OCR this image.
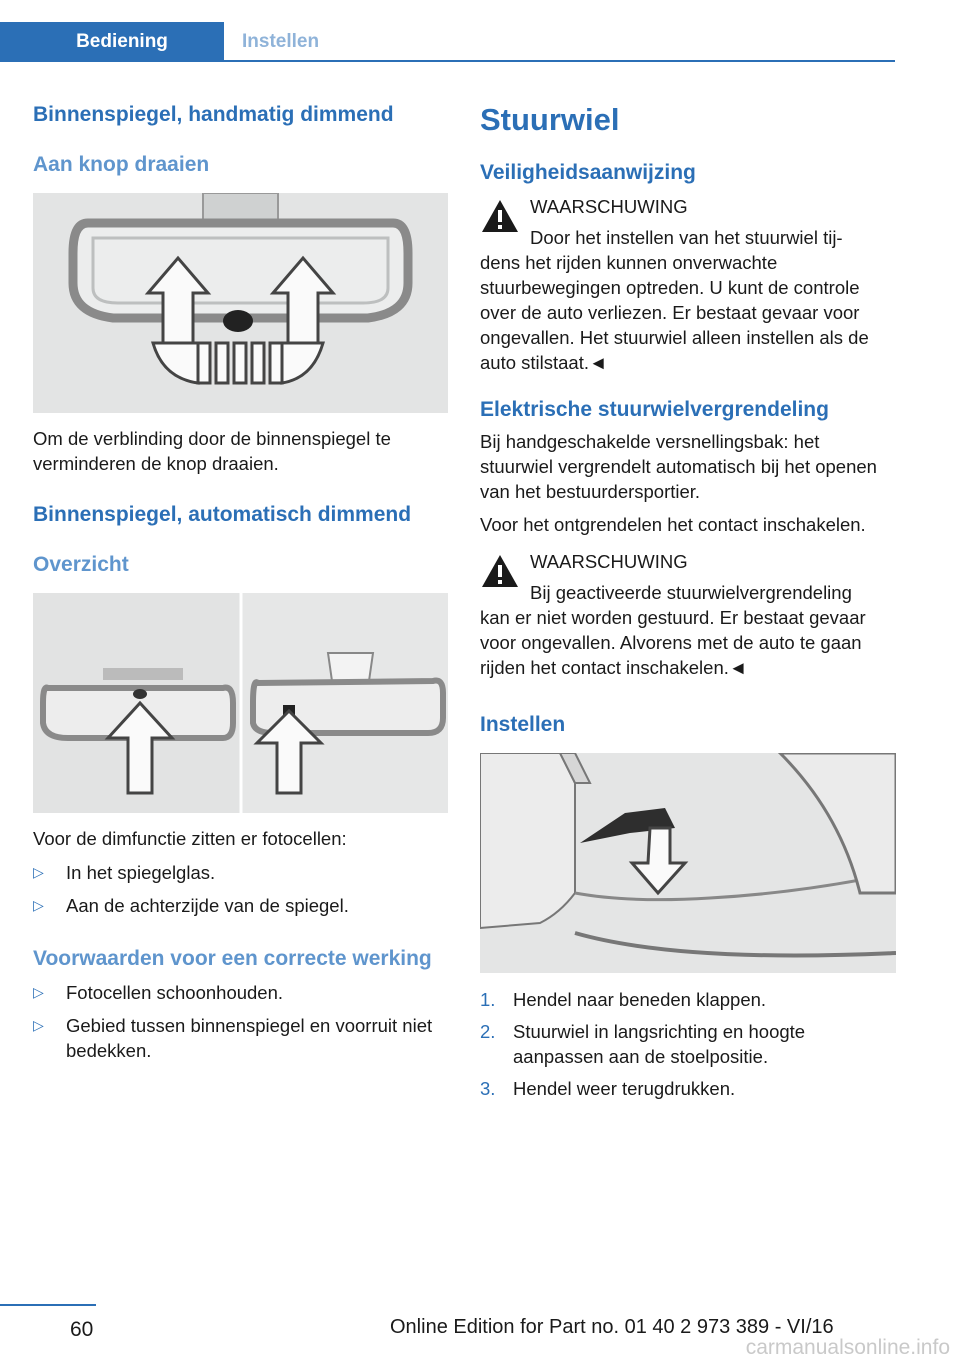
Bediening	Instellen
Binnenspiegel, handmatig dimmend
Aan knop draaien

Om de verblinding door de binnenspiegel te verminderen de knop draaien.

Binnenspiegel, automatisch dimmend
Overzicht

Voor de dimfunctie zitten er fotocellen:

▷ In het spiegelglas.
▷ Aan de achterzijde van de spiegel.
Voorwaarden voor een correcte werking
▷ Fotocellen schoonhouden.
▷ Gebied tussen binnenspiegel en voorruit niet bedekken.
Stuurwiel
Veiligheidsaanwijzing
WAARSCHUWING
Door het instellen van het stuurwiel tij-

dens het rijden kunnen onverwachte stuurbewegingen optreden. U kunt de controle over de auto verliezen. Er bestaat gevaar voor ongevallen. Het stuurwiel alleen instellen als de auto stilstaat.◄

Elektrische stuurwielvergrendeling

Bij handgeschakelde versnellingsbak: het stuurwiel vergrendelt automatisch bij het openen van het bestuurdersportier.

Voor het ontgrendelen het contact inschakelen.

WAARSCHUWING
Bij geactiveerde stuurwielvergrendeling

kan er niet worden gestuurd. Er bestaat gevaar voor ongevallen. Alvorens met de auto te gaan rijden het contact inschakelen.◄

Instellen
1. Hendel naar beneden klappen.
2. Stuurwiel in langsrichting en hoogte aanpassen aan de stoelpositie.
3. Hendel weer terugdrukken.
60	Online Edition for Part no. 01 40 2 973 389 - VI/16
carmanualsonline.info
